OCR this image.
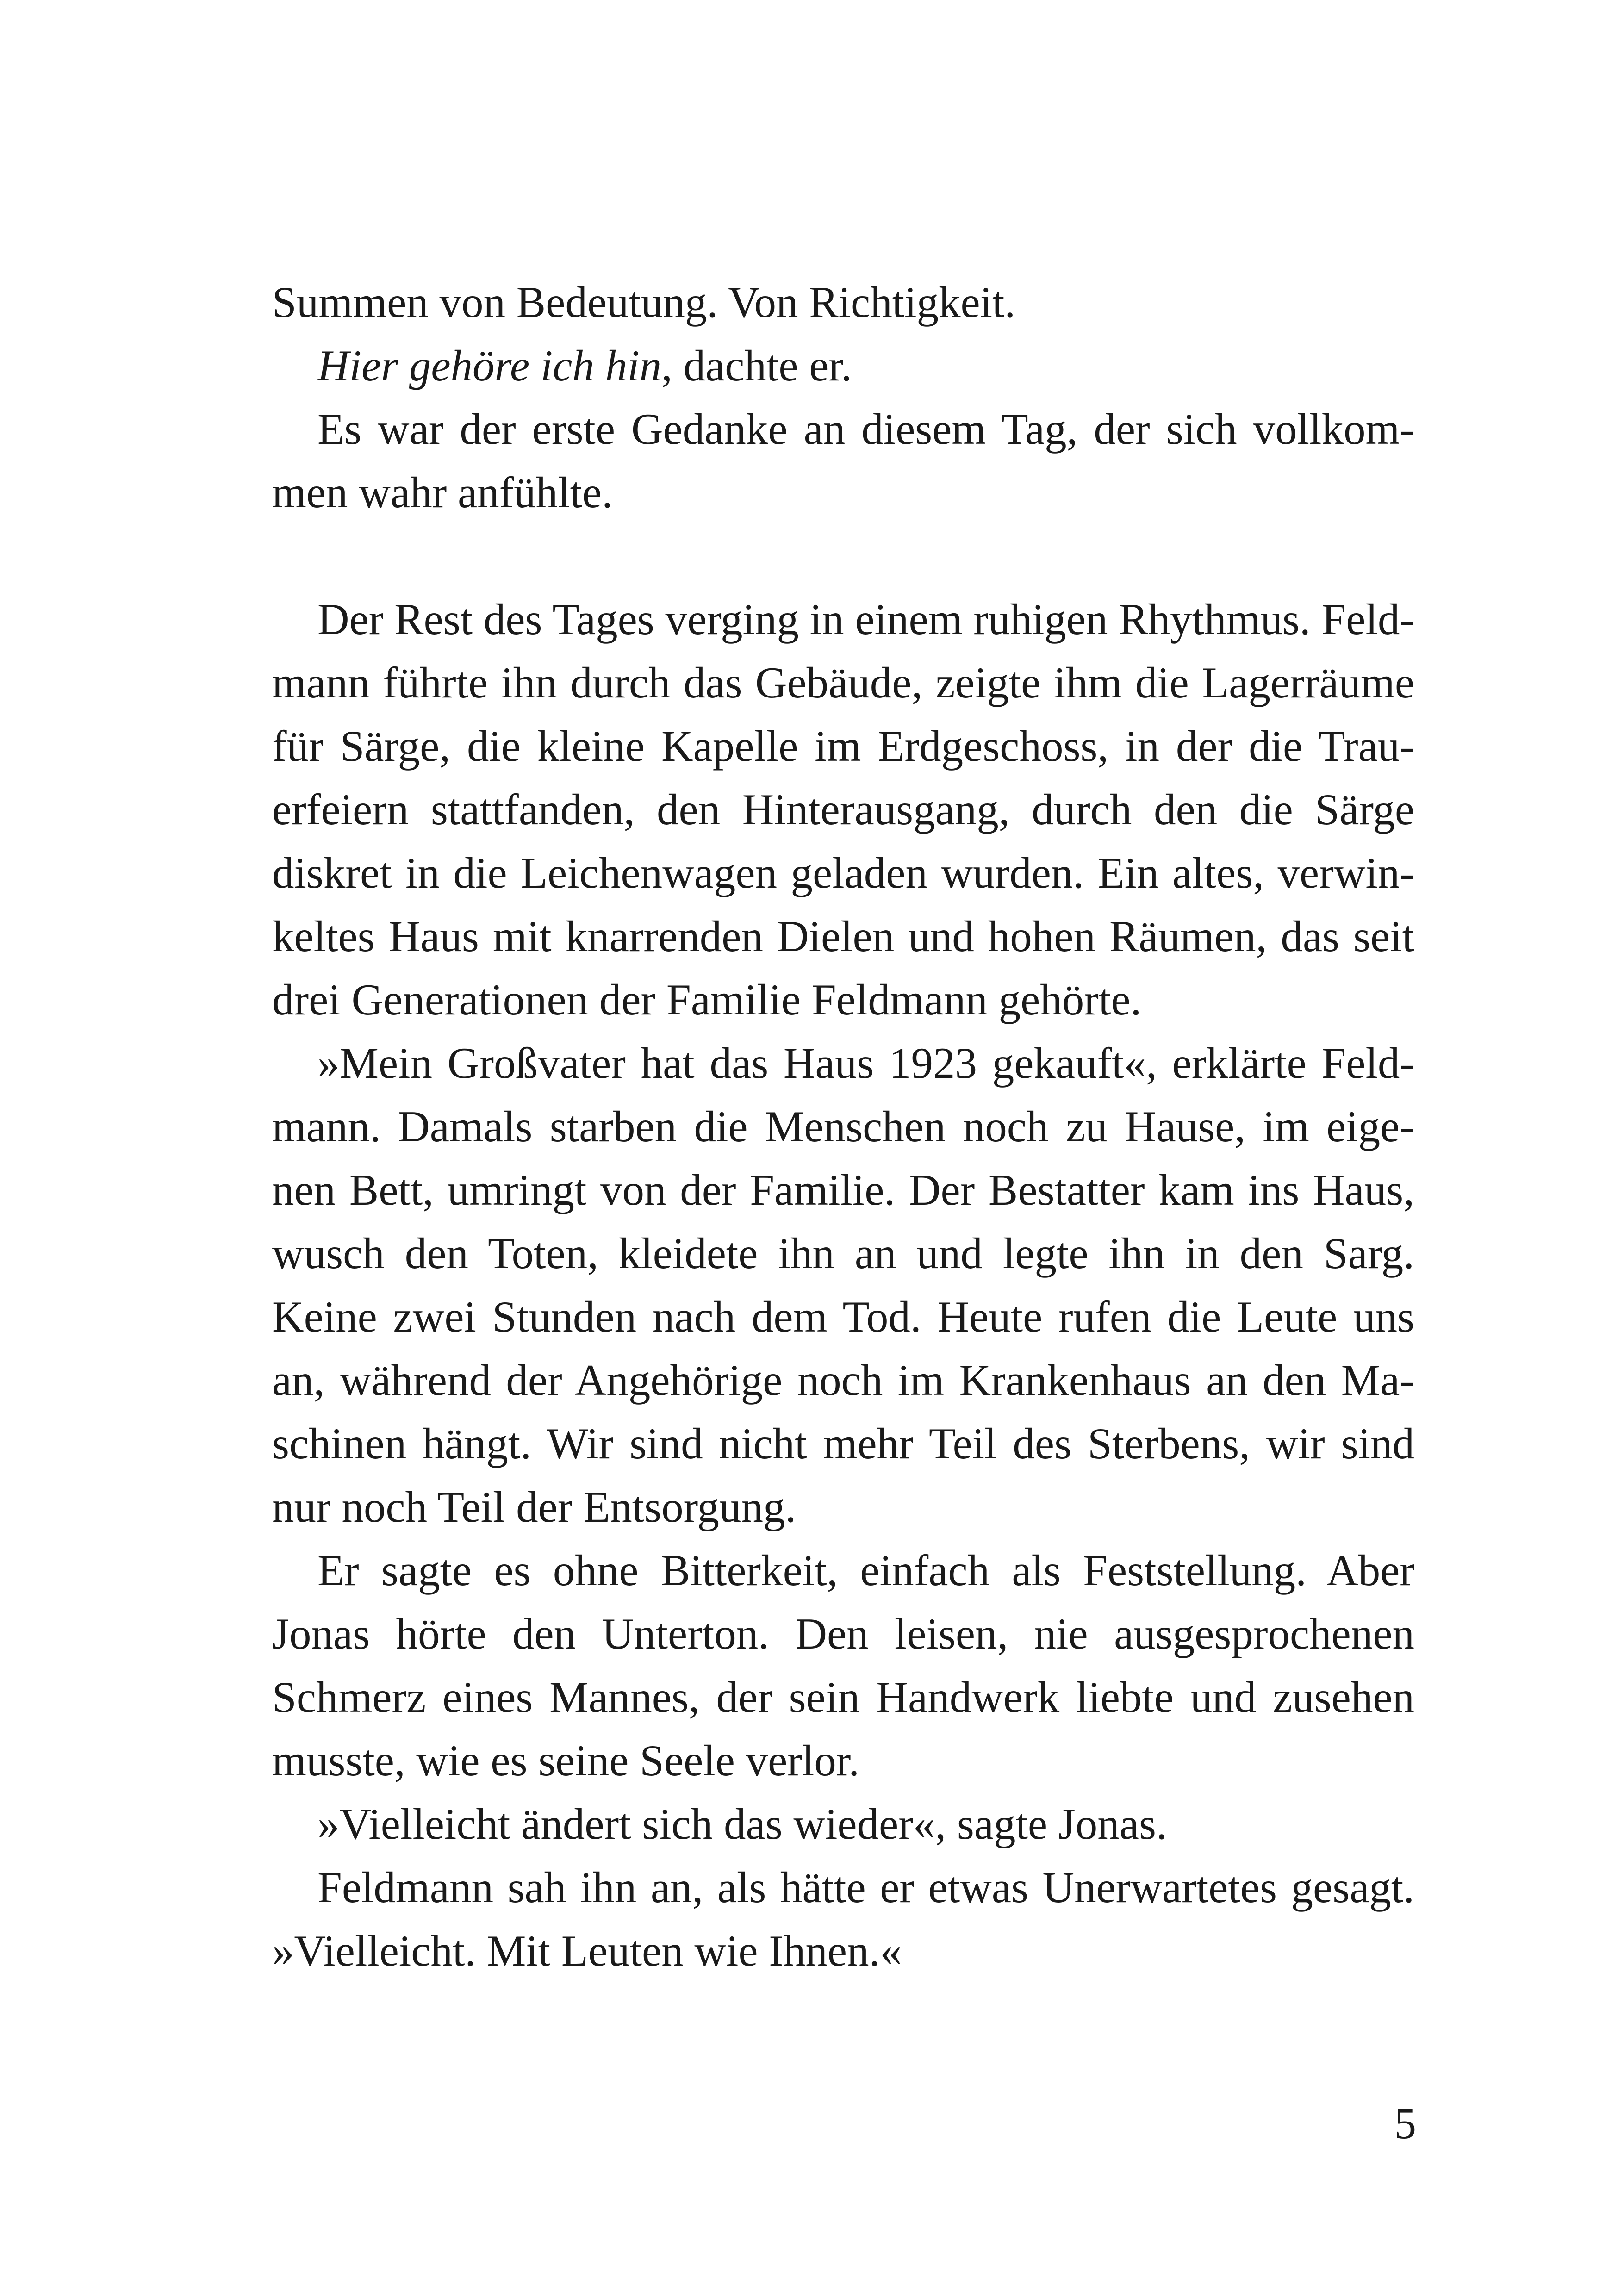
Summen von Bedeutung. Von Richtigkeit.
Hier gehöre ich hin, dachte er.
Es war der erste Gedanke an diesem Tag, der sich vollkom-
men wahr anfühlte.
Der Rest des Tages verging in einem ruhigen Rhythmus. Feld-
mann führte ihn durch das Gebäude, zeigte ihm die Lagerräume
für Särge, die kleine Kapelle im Erdgeschoss, in der die Trau-
erfeiern stattfanden, den Hinterausgang, durch den die Särge
diskret in die Leichenwagen geladen wurden. Ein altes, verwin-
keltes Haus mit knarrenden Dielen und hohen Räumen, das seit
drei Generationen der Familie Feldmann gehörte.
»Mein Großvater hat das Haus 1923 gekauft«, erklärte Feld-
mann. Damals starben die Menschen noch zu Hause, im eige-
nen Bett, umringt von der Familie. Der Bestatter kam ins Haus,
wusch den Toten, kleidete ihn an und legte ihn in den Sarg.
Keine zwei Stunden nach dem Tod. Heute rufen die Leute uns
an, während der Angehörige noch im Krankenhaus an den Ma-
schinen hängt. Wir sind nicht mehr Teil des Sterbens, wir sind
nur noch Teil der Entsorgung.
Er sagte es ohne Bitterkeit, einfach als Feststellung. Aber
Jonas hörte den Unterton. Den leisen, nie ausgesprochenen
Schmerz eines Mannes, der sein Handwerk liebte und zusehen
musste, wie es seine Seele verlor.
»Vielleicht ändert sich das wieder«, sagte Jonas.
Feldmann sah ihn an, als hätte er etwas Unerwartetes gesagt.
»Vielleicht. Mit Leuten wie Ihnen.«
5
